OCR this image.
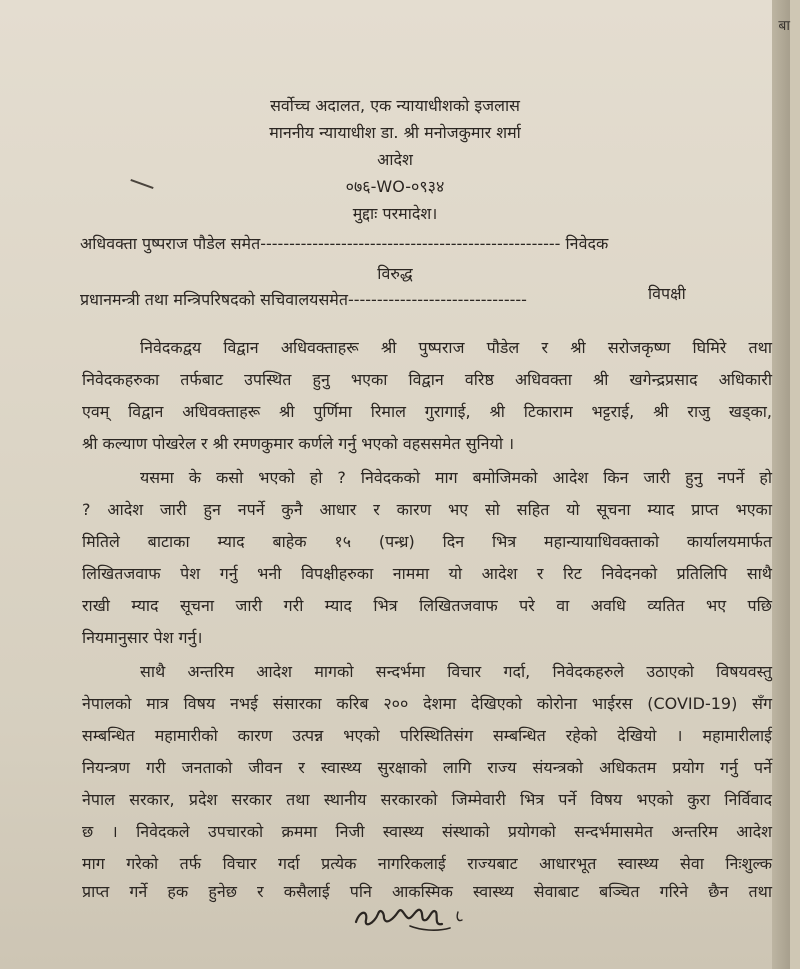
बा
सर्वोच्च अदालत, एक न्यायाधीशको इजलास
माननीय न्यायाधीश डा. श्री मनोजकुमार शर्मा
आदेश
०७६-WO-०९३४
मुद्दाः परमादेश।
अधिवक्ता पुष्पराज पौडेल समेत---------------------------------------------------- निवेदक
विरुद्ध
प्रधानमन्त्री तथा मन्त्रिपरिषदको सचिवालयसमेत-------------------------------	विपक्षी
निवेदकद्वय विद्वान अधिवक्ताहरू श्री पुष्पराज पौडेल र श्री सरोजकृष्ण घिमिरे तथा
निवेदकहरुका तर्फबाट उपस्थित हुनु भएका विद्वान वरिष्ठ अधिवक्ता श्री खगेन्द्रप्रसाद अधिकारी
एवम् विद्वान अधिवक्ताहरू श्री पुर्णिमा रिमाल गुरागाई, श्री टिकाराम भट्टराई, श्री राजु खड्का,
श्री कल्याण पोखरेल र श्री रमणकुमार कर्णले गर्नु भएको वहससमेत सुनियो ।
यसमा के कसो भएको हो ? निवेदकको माग बमोजिमको आदेश किन जारी हुनु नपर्ने हो
? आदेश जारी हुन नपर्ने कुनै आधार र कारण भए सो सहित यो सूचना म्याद प्राप्त भएका
मितिले बाटाका म्याद बाहेक १५ (पन्ध्र) दिन भित्र महान्यायाधिवक्ताको कार्यालयमार्फत
लिखितजवाफ पेश गर्नु भनी विपक्षीहरुका नाममा यो आदेश र रिट निवेदनको प्रतिलिपि साथै
राखी म्याद सूचना जारी गरी म्याद भित्र लिखितजवाफ परे वा अवधि व्यतित भए पछि
नियमानुसार पेश गर्नु।
साथै अन्तरिम आदेश मागको सन्दर्भमा विचार गर्दा, निवेदकहरुले उठाएको विषयवस्तु
नेपालको मात्र विषय नभई संसारका करिब २०० देशमा देखिएको कोरोना भाईरस (COVID-19) सँग
सम्बन्धित महामारीको कारण उत्पन्न भएको परिस्थितिसंग सम्बन्धित रहेको देखियो । महामारीलाई
नियन्त्रण गरी जनताको जीवन र स्वास्थ्य सुरक्षाको लागि राज्य संयन्त्रको अधिकतम प्रयोग गर्नु पर्ने
नेपाल सरकार, प्रदेश सरकार तथा स्थानीय सरकारको जिम्मेवारी भित्र पर्ने विषय भएको कुरा निर्विवाद
छ । निवेदकले उपचारको क्रममा निजी स्वास्थ्य संस्थाको प्रयोगको सन्दर्भमासमेत अन्तरिम आदेश
माग गरेको तर्फ विचार गर्दा प्रत्येक नागरिकलाई राज्यबाट आधारभूत स्वास्थ्य सेवा निःशुल्क
प्राप्त गर्ने हक हुनेछ र कसैलाई पनि आकस्मिक स्वास्थ्य सेवाबाट बञ्चित गरिने छैन तथा
